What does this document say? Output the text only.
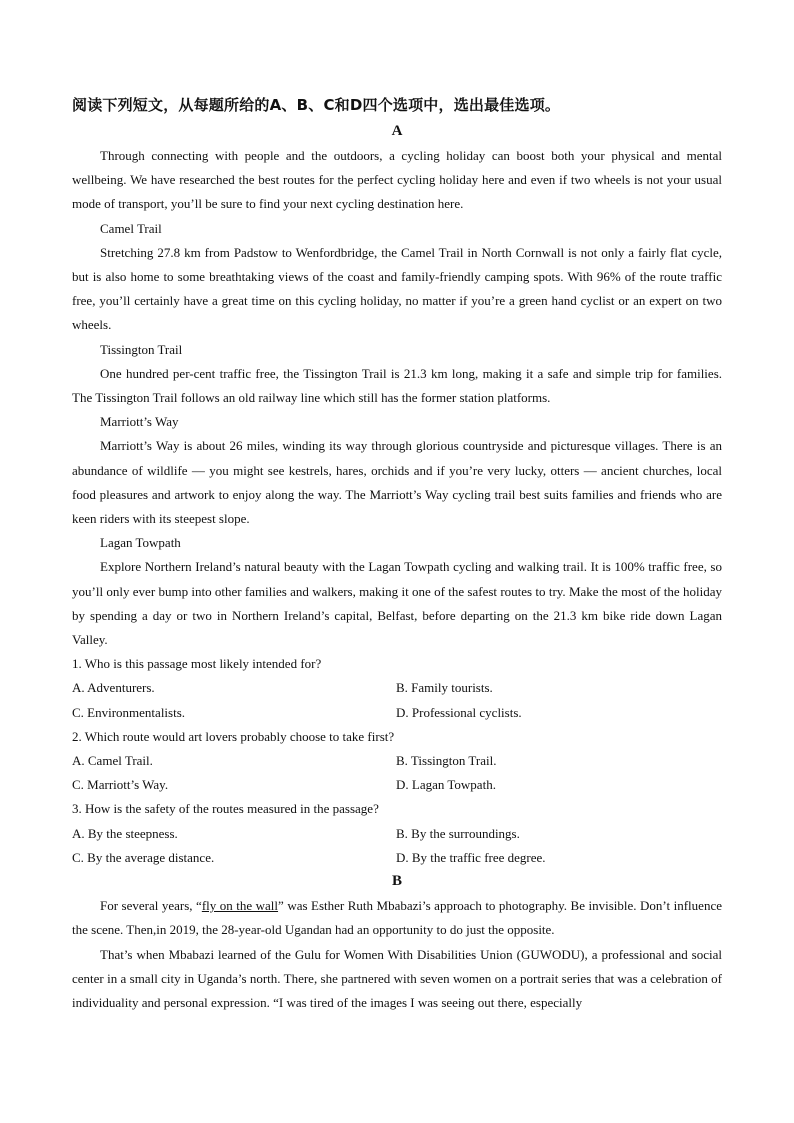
阅读下列短文，从每题所给的A、B、C和D四个选项中，选出最佳选项。
A

Through connecting with people and the outdoors, a cycling holiday can boost both your physical and mental wellbeing. We have researched the best routes for the perfect cycling holiday here and even if two wheels is not your usual mode of transport, you’ll be sure to find your next cycling destination here.

Camel Trail

Stretching 27.8 km from Padstow to Wenfordbridge, the Camel Trail in North Cornwall is not only a fairly flat cycle, but is also home to some breathtaking views of the coast and family-friendly camping spots. With 96% of the route traffic free, you’ll certainly have a great time on this cycling holiday, no matter if you’re a green hand cyclist or an expert on two wheels.

Tissington Trail

One hundred per-cent traffic free, the Tissington Trail is 21.3 km long, making it a safe and simple trip for families. The Tissington Trail follows an old railway line which still has the former station platforms.

Marriott’s Way

Marriott’s Way is about 26 miles, winding its way through glorious countryside and picturesque villages. There is an abundance of wildlife — you might see kestrels, hares, orchids and if you’re very lucky, otters — ancient churches, local food pleasures and artwork to enjoy along the way. The Marriott’s Way cycling trail best suits families and friends who are keen riders with its steepest slope.

Lagan Towpath

Explore Northern Ireland’s natural beauty with the Lagan Towpath cycling and walking trail. It is 100% traffic free, so you’ll only ever bump into other families and walkers, making it one of the safest routes to try. Make the most of the holiday by spending a day or two in Northern Ireland’s capital, Belfast, before departing on the 21.3 km bike ride down Lagan Valley.

1. Who is this passage most likely intended for?
A. Adventurers.	B. Family tourists.
C. Environmentalists.	D. Professional cyclists.
2. Which route would art lovers probably choose to take first?
A. Camel Trail.	B. Tissington Trail.
C. Marriott’s Way.	D. Lagan Towpath.
3. How is the safety of the routes measured in the passage?
A. By the steepness.	B. By the surroundings.
C. By the average distance.	D. By the traffic free degree.
B

For several years, “fly on the wall” was Esther Ruth Mbabazi’s approach to photography. Be invisible. Don’t influence the scene. Then,in 2019, the 28-year-old Ugandan had an opportunity to do just the opposite.

That’s when Mbabazi learned of the Gulu for Women With Disabilities Union (GUWODU), a professional and social center in a small city in Uganda’s north. There, she partnered with seven women on a portrait series that was a celebration of individuality and personal expression. “I was tired of the images I was seeing out there, especially
